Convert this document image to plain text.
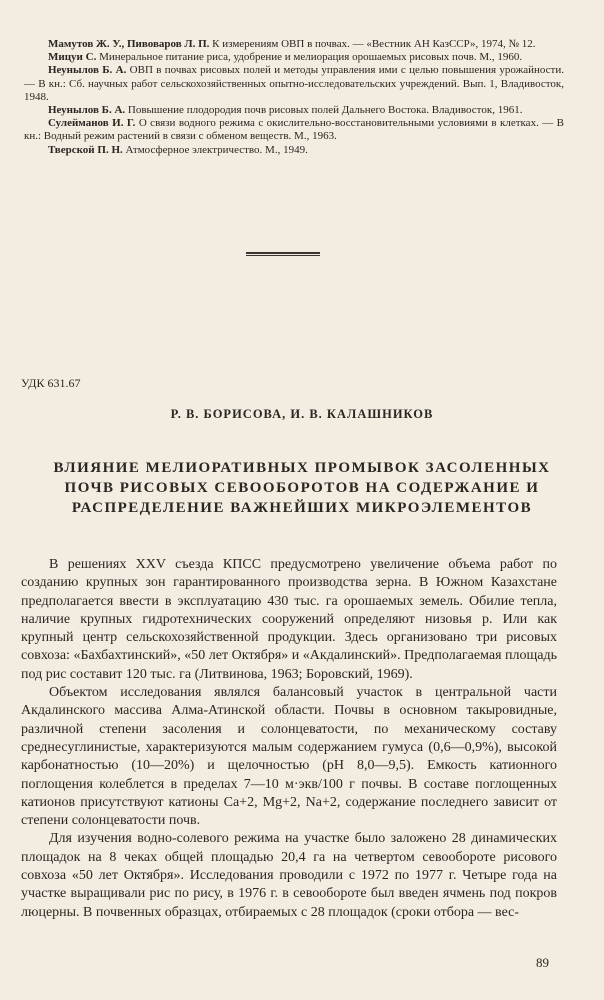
Мамутов Ж. У., Пивоваров Л. П. К измерениям ОВП в почвах. — «Вестник АН КазССР», 1974, № 12.

Мицуи С. Минеральное питание риса, удобрение и мелиорация орошаемых рисовых почв. М., 1960.

Неунылов Б. А. ОВП в почвах рисовых полей и методы управления ими с целью повышения урожайности. — В кн.: Сб. научных работ сельскохозяйственных опытно-исследовательских учреждений. Вып. 1, Владивосток, 1948.

Неунылов Б. А. Повышение плодородия почв рисовых полей Дальнего Востока. Владивосток, 1961.

Сулейманов И. Г. О связи водного режима с окислительно-восстановительными условиями в клетках. — В кн.: Водный режим растений в связи с обменом веществ. М., 1963.

Тверской П. Н. Атмосферное электричество. М., 1949.

УДК 631.67
Р. В. БОРИСОВА, И. В. КАЛАШНИКОВ
ВЛИЯНИЕ МЕЛИОРАТИВНЫХ ПРОМЫВОК ЗАСОЛЕННЫХ ПОЧВ РИСОВЫХ СЕВООБОРОТОВ НА СОДЕРЖАНИЕ И РАСПРЕДЕЛЕНИЕ ВАЖНЕЙШИХ МИКРОЭЛЕМЕНТОВ

В решениях XXV съезда КПСС предусмотрено увеличение объема работ по созданию крупных зон гарантированного производства зерна. В Южном Казахстане предполагается ввести в эксплуатацию 430 тыс. га орошаемых земель. Обилие тепла, наличие крупных гидротехнических сооружений определяют низовья р. Или как крупный центр сельскохозяйственной продукции. Здесь организовано три рисовых совхоза: «Бахбахтинский», «50 лет Октября» и «Акдалинский». Предполагаемая площадь под рис составит 120 тыс. га (Литвинова, 1963; Боровский, 1969).

Объектом исследования являлся балансовый участок в центральной части Акдалинского массива Алма-Атинской области. Почвы в основном такыровидные, различной степени засоления и солонцеватости, по механическому составу среднесуглинистые, характеризуются малым содержанием гумуса (0,6—0,9%), высокой карбонатностью (10—20%) и щелочностью (pH 8,0—9,5). Емкость катионного поглощения колеблется в пределах 7—10 м·экв/100 г почвы. В составе поглощенных катионов присутствуют катионы Ca+2, Mg+2, Na+2, содержание последнего зависит от степени солонцеватости почв.

Для изучения водно-солевого режима на участке было заложено 28 динамических площадок на 8 чеках общей площадью 20,4 га на четвертом севообороте рисового совхоза «50 лет Октября». Исследования проводили с 1972 по 1977 г. Четыре года на участке выращивали рис по рису, в 1976 г. в севообороте был введен ячмень под покров люцерны. В почвенных образцах, отбираемых с 28 площадок (сроки отбора — вес-

89
